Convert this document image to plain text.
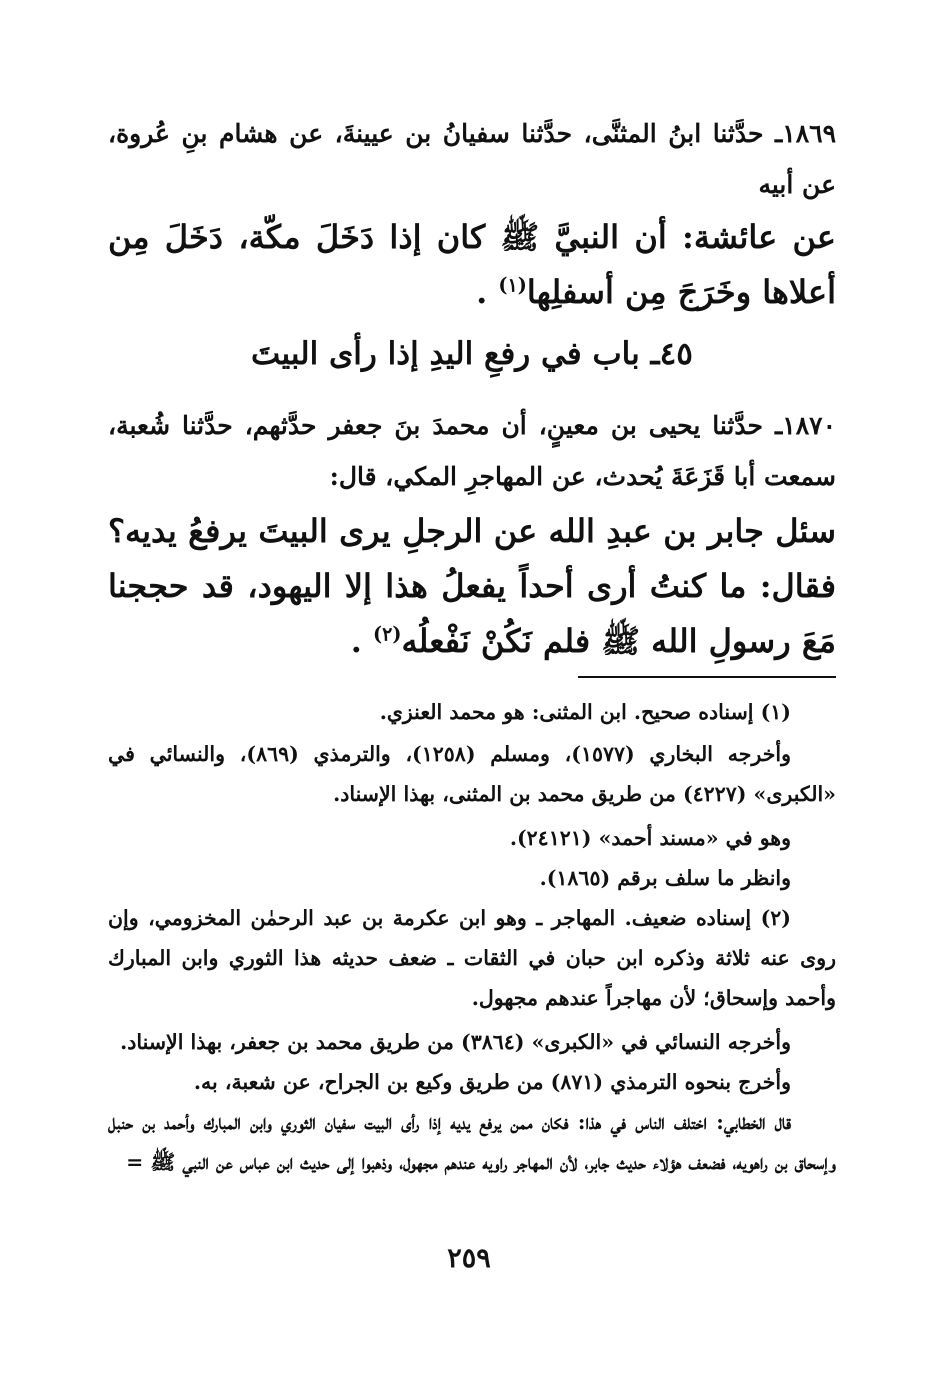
١٨٦٩ـ حدَّثنا ابنُ المثنَّى، حدَّثنا سفيانُ بن عيينةَ، عن هشام بنِ عُروة، عن أبيه
عن عائشة: أن النبيَّ ﷺ كان إذا دَخَلَ مكّة، دَخَلَ مِن أعلاها وخَرَجَ مِن أسفلِها$^{(١)}$ .
٤٥ـ باب في رفعِ اليدِ إذا رأى البيتَ
١٨٧٠ـ حدَّثنا يحيى بن معينٍ، أن محمدَ بنَ جعفر حدَّثهم، حدَّثنا شُعبة، سمعت أبا قَزَعَةَ يُحدث، عن المهاجرِ المكي، قال:
سئل جابر بن عبدِ الله عن الرجلِ يرى البيتَ يرفعُ يديه؟ فقال: ما كنتُ أرى أحداً يفعلُ هذا إلا اليهود، قد حججنا مَعَ رسولِ الله ﷺ فلم نَكُنْ نَفْعلُه$^{(٢)}$ .
(١) إسناده صحيح. ابن المثنى: هو محمد العنزي.
وأخرجه البخاري (١٥٧٧)، ومسلم (١٢٥٨)، والترمذي (٨٦٩)، والنسائي في «الكبرى» (٤٢٢٧) من طريق محمد بن المثنى، بهذا الإسناد.
وهو في «مسند أحمد» (٢٤١٢١).
وانظر ما سلف برقم (١٨٦٥).
(٢) إسناده ضعيف. المهاجر ـ وهو ابن عكرمة بن عبد الرحمٰن المخزومي، وإن روى عنه ثلاثة وذكره ابن حبان في الثقات ـ ضعف حديثه هذا الثوري وابن المبارك وأحمد وإسحاق؛ لأن مهاجراً عندهم مجهول.
وأخرجه النسائي في «الكبرى» (٣٨٦٤) من طريق محمد بن جعفر، بهذا الإسناد.
وأخرج بنحوه الترمذي (٨٧١) من طريق وكيع بن الجراح، عن شعبة، به.
قال الخطابي: اختلف الناس في هذا: فكان ممن يرفع يديه إذا رأى البيت سفيان الثوري وابن المبارك وأحمد بن حنبل وإسحاق بن راهويه، فضعف هؤلاء حديث جابر، لأن المهاجر راويه عندهم مجهول، وذهبوا إلى حديث ابن عباس عن النبي ﷺ =
٢٥٩
